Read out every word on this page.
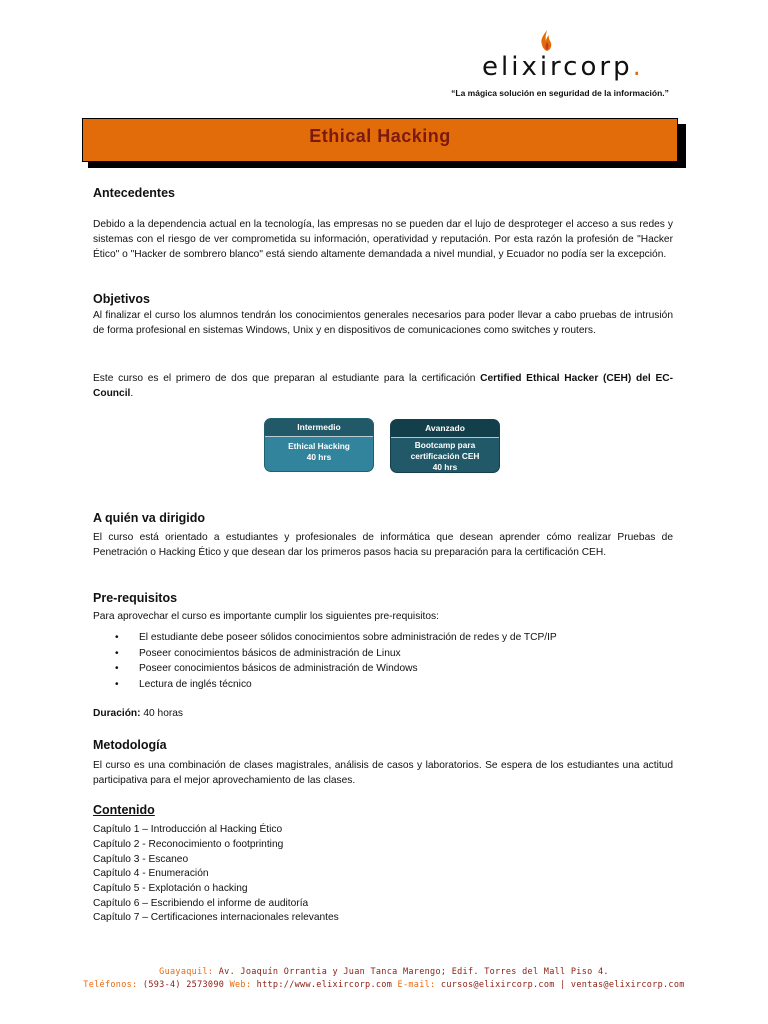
elixircorp.
“La mágica solución en seguridad de la información.”
Ethical Hacking
Antecedentes
Debido a la dependencia actual en la tecnología, las empresas no se pueden dar el lujo de desproteger el acceso a sus redes y sistemas con el riesgo de ver comprometida su información, operatividad y reputación. Por esta razón la profesión de "Hacker Ético" o "Hacker de sombrero blanco" está siendo altamente demandada a nivel mundial, y Ecuador no podía ser la excepción.
Objetivos
Al finalizar el curso los alumnos tendrán los conocimientos generales necesarios para poder llevar a cabo pruebas de intrusión de forma profesional en sistemas Windows, Unix y en dispositivos de comunicaciones como switches y routers.
Este curso es el primero de dos que preparan al estudiante para la certificación Certified Ethical Hacker (CEH) del EC-Council.
Intermedio
Ethical Hacking
40 hrs
Avanzado
Bootcamp para certificación CEH
40 hrs
A quién va dirigido
El curso está orientado a estudiantes y profesionales de informática que desean aprender cómo realizar Pruebas de Penetración o Hacking Ético y que desean dar los primeros pasos hacia su preparación para la certificación CEH.
Pre-requisitos
Para aprovechar el curso es importante cumplir los siguientes pre-requisitos:
• El estudiante debe poseer sólidos conocimientos sobre administración de redes y de TCP/IP
• Poseer conocimientos básicos de administración de Linux
• Poseer conocimientos básicos de administración de Windows
• Lectura de inglés técnico
Duración: 40 horas
Metodología
El curso es una combinación de clases magistrales, análisis de casos y laboratorios. Se espera de los estudiantes una actitud participativa para el mejor aprovechamiento de las clases.
Contenido
Capítulo 1 – Introducción al Hacking Ético
Capítulo 2 - Reconocimiento o footprinting
Capítulo 3 - Escaneo
Capítulo 4 - Enumeración
Capítulo 5 - Explotación o hacking
Capítulo 6 – Escribiendo el informe de auditoría
Capítulo 7 – Certificaciones internacionales relevantes
Guayaquil: Av. Joaquín Orrantia y Juan Tanca Marengo; Edif. Torres del Mall Piso 4.
Teléfonos: (593-4) 2573090 Web: http://www.elixircorp.com E-mail: cursos@elixircorp.com | ventas@elixircorp.com
